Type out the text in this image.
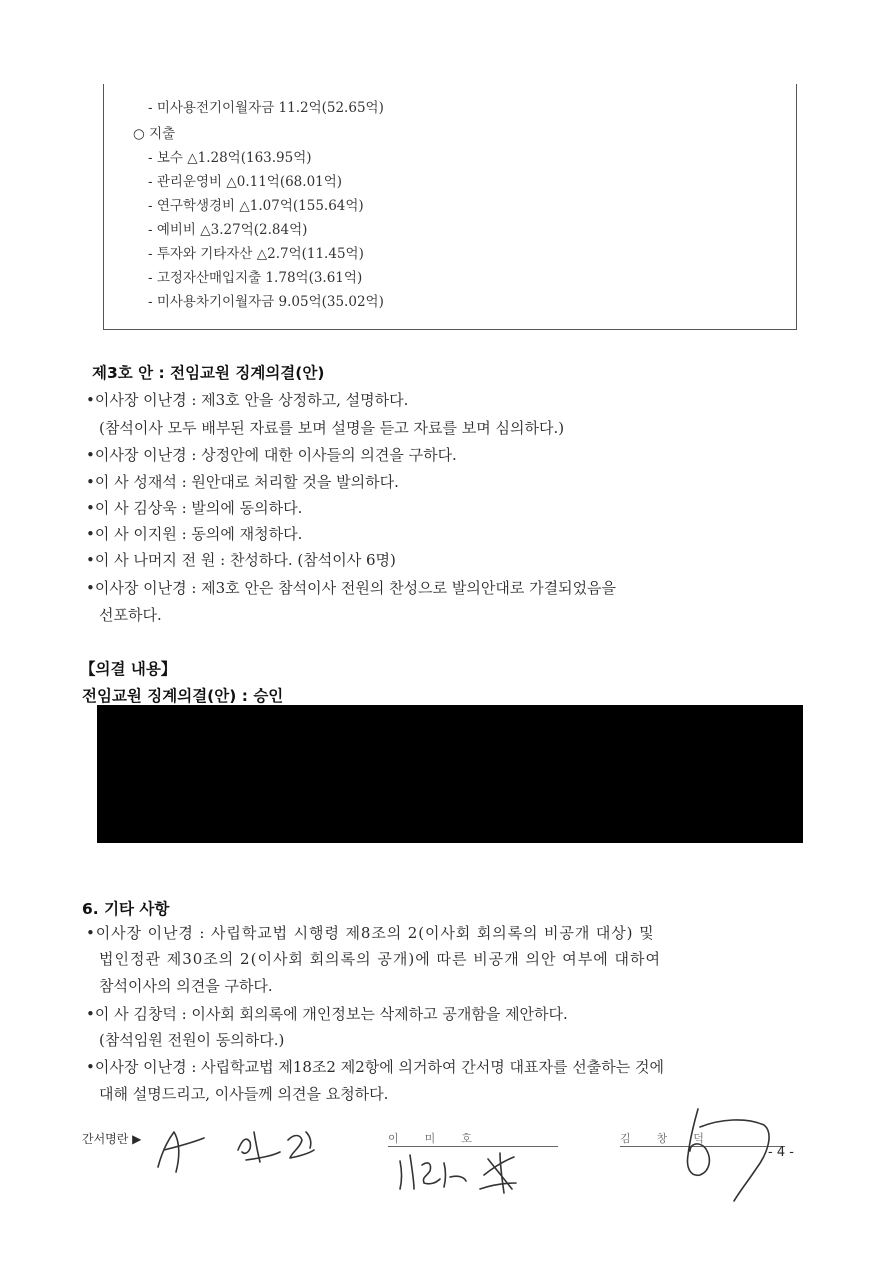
- 미사용전기이월자금 11.2억(52.65억)
○ 지출
- 보수 △1.28억(163.95억)
- 관리운영비 △0.11억(68.01억)
- 연구학생경비 △1.07억(155.64억)
- 예비비 △3.27억(2.84억)
- 투자와 기타자산 △2.7억(11.45억)
- 고정자산매입지출 1.78억(3.61억)
- 미사용차기이월자금 9.05억(35.02억)
제3호 안 : 전임교원 징계의결(안)
•이사장 이난경 : 제3호 안을 상정하고, 설명하다.
(참석이사 모두 배부된 자료를 보며 설명을 듣고 자료를 보며 심의하다.)
•이사장 이난경 : 상정안에 대한 이사들의 의견을 구하다.
•이 사 성재석 : 원안대로 처리할 것을 발의하다.
•이 사 김상욱 : 발의에 동의하다.
•이 사 이지원 : 동의에 재청하다.
•이 사 나머지 전 원 : 찬성하다. (참석이사 6명)
•이사장 이난경 : 제3호 안은 참석이사 전원의 찬성으로 발의안대로 가결되었음을
선포하다.
【의결 내용】
전임교원 징계의결(안) : 승인
6. 기타 사항
•이사장 이난경 : 사립학교법 시행령 제8조의 2(이사회 회의록의 비공개 대상) 및
법인정관 제30조의 2(이사회 회의록의 공개)에 따른 비공개 의안 여부에 대하여
참석이사의 의견을 구하다.
•이 사 김창덕 : 이사회 회의록에 개인정보는 삭제하고 공개함을 제안하다.
(참석임원 전원이 동의하다.)
•이사장 이난경 : 사립학교법 제18조2 제2항에 의거하여 간서명 대표자를 선출하는 것에
대해 설명드리고, 이사들께 의견을 요청하다.
간서명란 ▶	이미호	김창덕
- 4 -
